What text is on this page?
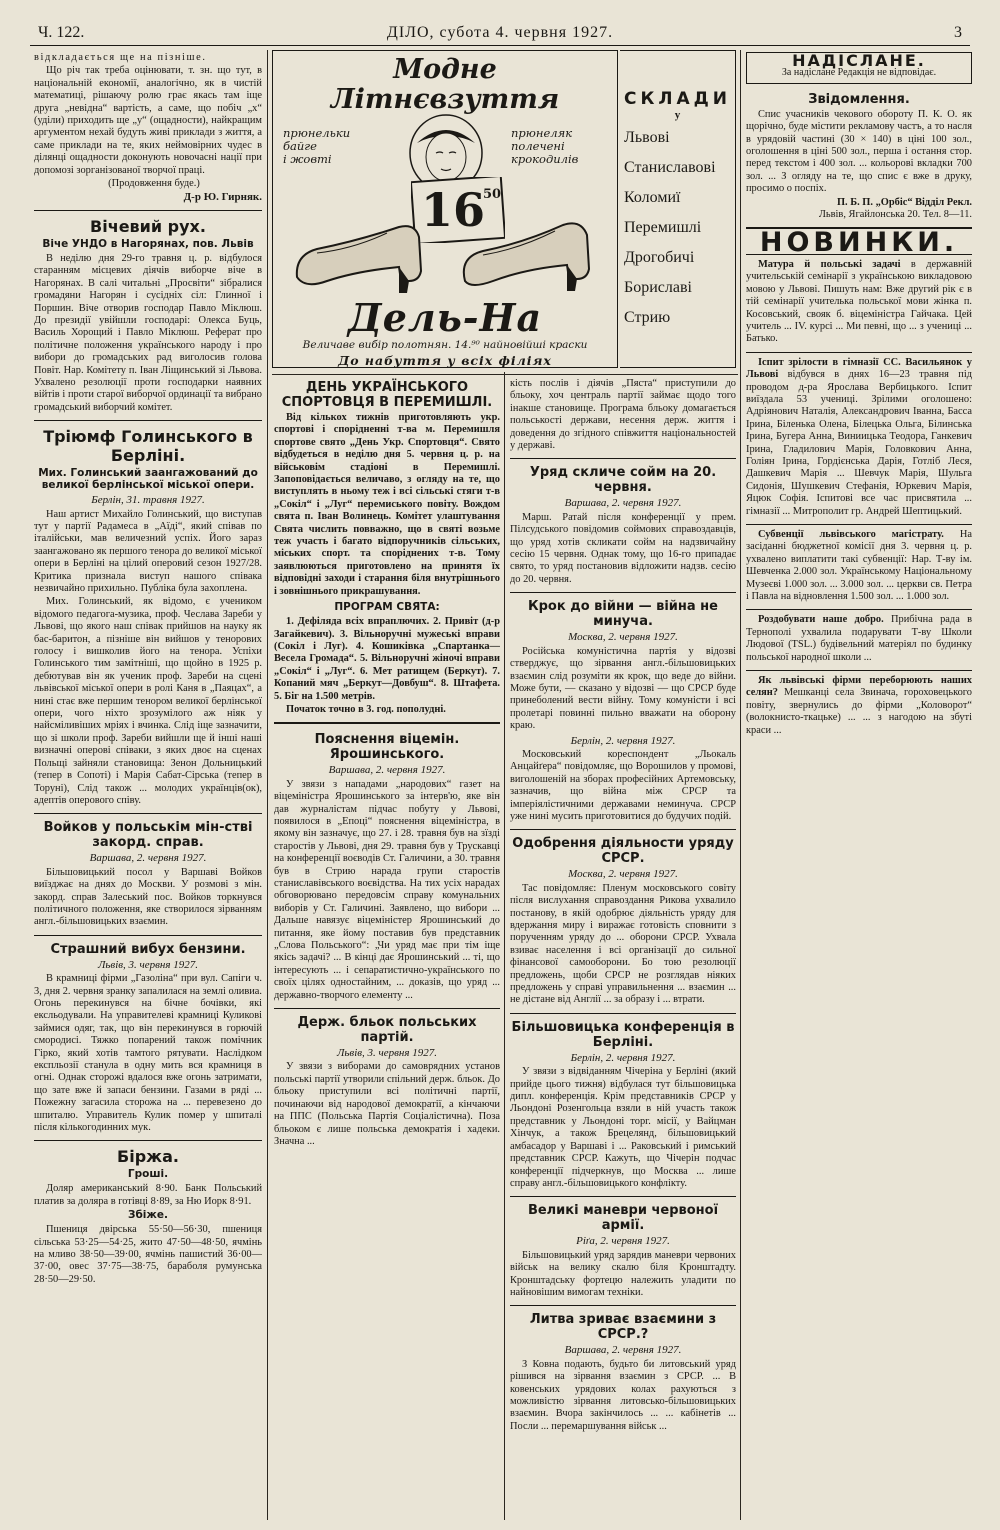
Ч. 122.	ДІЛО, субота 4. червня 1927.	3

відкладається ще на пізніше.

Що річ так треба оцінювати, т. зн. що тут, в національній економії, аналогічно, як в чистій математиці, рішаючу ролю грає якась там іще друга „невідна“ вартість, а саме, що побіч „х“ (уділи) приходить ще „у“ (ощадности), найкращим аргументом нехай будуть живі приклади з життя, а саме приклади на те, яких неймовірних чудес в ділянці ощадности доконують новочасні нації при допомозі зорганізованої творчої праці.

(Продовження буде.)

Д-р Ю. Гирняк.
Вічевий рух.
Віче УНДО в Нагорянах, пов. Львів

В неділю дня 29-го травня ц. р. відбулося старанням місцевих діячів виборче віче в Нагорянах. В салі читальні „Просвіти“ зібралися громадяни Нагорян і сусідніх сіл: Глинної і Поршин. Віче отворив господар Павло Міклюш. До президії увійшли господарі: Олекса Буць, Василь Хорощий і Павло Міклюш. Реферат про політичне положення українського народу і про вибори до громадських рад виголосив голова Повіт. Нар. Комітету п. Іван Ліщинський зі Львова. Ухвалено резолюції проти господарки наявних війтів і проти старої виборчої ординації та вибрано громадський виборчий комітет.

Тріюмф Голинського в Берліні.
Мих. Голинський заангажований до великої берлінської міської опери.
Берлін, 31. травня 1927.

Наш артист Михайло Голинський, що виступав тут у партії Радамеса в „Аїді“, який співав по італійськи, мав величезний успіх. Його зараз заангажовано як першого тенора до великої міської опери в Берліні на цілий оперовий сезон 1927/28. Критика признала виступ нашого співака незвичайно прихильно. Публіка була захоплена.

Мих. Голинський, як відомо, є учеником відомого педагога-музика, проф. Чеслава Зареби у Львові, що якого наш співак прийшов на науку як бас-баритон, а пізніше він вийшов у тенорових голосу і вишколив його на тенора. Успіхи Голинського тим замітніші, що щойно в 1925 р. дебютував він як ученик проф. Зареби на сцені львівської міської опери в ролі Каня в „Паяцах“, а нині стає вже першим тенором великої берлінської опери, чого ніхто зрозумілого аж ніяк у найсміливіших мріях і вчинка. Слід іще зазначити, що зі школи проф. Зареби вийшли ще й інші наші визначні оперові співаки, з яких двоє на сценах Польщі зайняли становища: Зенон Дольницький (тепер в Сопоті) і Марія Сабат-Сірська (тепер в Торуні), Слід також ... молодих українців(ок), адептів оперового співу.

Войков у польськім мін-стві закорд. справ.
Варшава, 2. червня 1927.

Більшовицький посол у Варшаві Войков виїзджає на днях до Москви. У розмові з мін. закорд. справ Залеський пос. Войков торкнувся політичного положення, яке створилося зірванням англ.-більшовицьких взаємин.

Страшний вибух бензини.
Львів, 3. червня 1927.

В крамниці фірми „Газоліна“ при вул. Сапіги ч. 3, дня 2. червня зранку запалилася на землі оливиа. Огонь перекинувся на бічне бочівки, які ексльодували. На управителеві крамниці Куликові займися одяг, так, що він перекинувся в горючій смородисі. Тяжко попарений також помічник Гірко, який хотів тамтого рятувати. Наслідком експльозії станула в одну мить вся крамниця в огні. Однак сторожі вдалося вже огонь затримати, що зате вже й запаси бензини. Газами в ряді ... Пожежну загасила сторожа на ... перевезено до шпиталю. Управитель Кулик помер у шпиталі після кількогодинних мук.

Біржа.
Гроші.

Доляр американський 8·90. Банк Польський платив за доляра в готівці 8·89, за Ню Иорк 8·91.

Збіже.

Пшениця двірська 55·50—56·30, пшениця сільська 53·25—54·25, жито 47·50—48·50, ячмінь на мливо 38·50—39·00, ячмінь пашистий 36·00—37·00, овес 37·75—38·75, бараболя румунська 28·50—29·50.

Модне
Літнєвзуття
прюнельки
байге
і жовті
прюнеляк
полечені
крокодилів
16
50
Дель-На
Величаве вибір полотнян. 14.⁹⁰ найновійші краски
До набуття у всіх філіях
СКЛАДИ
у
Львові
Станиславові
Коломиї
Перемишлі
Дрогобичі
Бориславі
Стрию
ДЕНЬ УКРАЇНСЬКОГО СПОРТОВЦЯ В ПЕРЕМИШЛІ.

Від кількох тижнів приготовляють укр. спортові і спорідненні т-ва м. Перемишля спортове свято „День Укр. Спортовця“. Свято відбудеться в неділю дня 5. червня ц. р. на військовім стадіоні в Перемишлі. Запоповідається величаво, з огляду на те, що виступлять в ньому теж і всі сільські стяги т-в „Сокіл“ і „Луг“ перемиського повіту. Вождом свята п. Іван Волинець. Комітет улаштування Свята числить повважно, що в святі возьме теж участь і багато відпоручників сільських, міських спорт. та споріднених т-в. Тому заявлюються приготовлено на принятя їх відповідні заходи і старання біля внутрішнього і зовнішнього прикрашування.

ПРОГРАМ СВЯТА:

1. Дефіляда всіх впраплючих. 2. Привіт (д-р Загайкевич). 3. Вільноручні мужеські вправи (Сокіл і Луг). 4. Кошиківка „Спартанка—Весела Громада“. 5. Вільноручні жіночі вправи „Сокіл“ і „Луг“. 6. Мет ратищем (Беркут). 7. Копаний мяч „Беркут—Довбуш“. 8. Штафета. 5. Біг на 1.500 метрів.

Початок точно в 3. год. пополудні.

Пояснення віцемін. Ярошинського.
Варшава, 2. червня 1927.

У звязи з нападами „народових“ газет на віцеміністра Ярошинського за інтерв'ю, яке він дав журналістам підчас побуту у Львові, появилося в „Епоці“ пояснення віцеміністра, в якому він зазначує, що 27. і 28. травня був на зїзді старостів у Львові, дня 29. травня був у Трускавці на конференції воєводів Ст. Галичини, а 30. травня був в Стрию нарада групи старостів станиславівського воєвідства. На тих усіх нарадах обговорювано передовсім справу комунальних виборів у Ст. Галичині. Заявлено, що вибори ... Дальше навязує віцеміністер Ярошинський до питання, яке йому поставив був представник „Слова Польського“: „Чи уряд має при тім іще якісь задачі? ... В кінці дає Ярошинський ... ті, що інтересують ... і сепаратистично-українського по своїх цілях одностайним, ... доказів, що уряд ... державно-творчого елементу ...

Держ. бльок польських партій.
Львів, 3. червня 1927.

У звязи з виборами до самоврядних установ польські партії утворили спільний держ. бльок. До бльоку приступили всі політичні партії, починаючи від народової демократії, а кінчаючи на ППС (Польська Партія Соціалістична). Поза бльоком є лише польська демократія і хадеки. Значна ...

кість послів і діячів „Пяста“ приступили до бльоку, хоч централь партії займає щодо того інакше становище. Програма бльоку домагається польськості держави, несення держ. життя і доведення до згідного співжиття національностей у державі.

Уряд скличе сойм на 20. червня.
Варшава, 2. червня 1927.

Марш. Ратай після конференції у прем. Пілсудського повідомив соймових справоздавців, що уряд хотів скликати сойм на надзвичайну сесію 15 червня. Однак тому, що 16-го припадає свято, то уряд постановив відложити надзв. сесію до 20. червня.

Крок до війни — війна не минуча.
Москва, 2. червня 1927.

Російська комуністична партія у відозві стверджує, що зірвання англ.-більшовицьких взаємин слід розуміти як крок, що веде до війни. Може бути, — сказано у відозві — що СРСР буде принеболений вести війну. Тому комуністи і всі пролетарі повинні пильно вважати на оборону краю.

Берлін, 2. червня 1927.

Московський кореспондент „Льокаль Анцайґера“ повідомляє, що Ворошилов у промові, виголошеній на зборах професійних Артемовську, зазначив, що війна між СРСР та імперіялістичними державами неминуча. СРСР уже нині мусить приготовитися до будучих подій.

Одобрення діяльности уряду СРСР.
Москва, 2. червня 1927.

Тас повідомляє: Пленум московського совіту після вислухання справоздання Рикова ухвалило постанову, в якій одобрює діяльність уряду для вдержання миру і виражає готовість сповнити з порученням уряду до ... оборони СРСР. Ухвала взиває населення і всі організації до сильної фінансової самооборони. Бо тою резолюції предложень, щоби СРСР не розглядав ніяких предложень у справі управильнення ... взаємин ... не дістане від Англії ... за образу і ... втрати.

Більшовицька конференція в Берліні.
Берлін, 2. червня 1927.

У звязи з відвіданням Чічеріна у Берліні (який прийде цього тижня) відбулася тут більшовицька дипл. конференція. Крім представників СРСР у Льондоні Розенгольца взяли в ній участь також представник у Льондоні торг. місії, у Вайцман Хінчук, а також Брецелянд, більшовицький амбасадор у Варшаві і ... Раковський і римський представник СРСР. Кажуть, що Чічерін подчас конференції підчеркнув, що Москва ... лише справу англ.-більшовицького конфлікту.

Великі маневри червоної армії.
Ріґа, 2. червня 1927.

Більшовицький уряд зарядив маневри червоних військ на велику скалю біля Кронштадту. Кронштадську фортецю належить уладити по найновішим вимогам техніки.

Литва зриває взаємини з СРСР.?
Варшава, 2. червня 1927.

З Ковна подають, будьто би литовський уряд рішився на зірвання взаємин з СРСР. ... В ковенських урядових колах рахуються з можливістю зірвання литовсько-більшовицьких взаємин. Вчора закінчилось ... ... кабінетів ... Посли ... перемаршування військ ...

НАДІСЛАНЕ.
За надіслане Редакція не відповідає.
Звідомлення.

Спис учасників чекового обороту П. К. О. як щорічно, буде містити рекламову частъ, а то насля в урядовій частині (30 × 140) в ціні 100 зол., оголошення в ціні 500 зол., перша і остання стор. перед текстом і 400 зол. ... кольорові вкладки 700 зол. ... З огляду на те, що спис є вже в друку, просимо о поспіх.

П. Б. П. „Орбіс“ Відділ Рекл.
Львів, Ягайлонська 20. Тел. 8—11.
НОВИНКИ.

Матура й польські задачі в державній учительській семінарії з українською викладовою мовою у Львові. Пишуть нам: Вже другий рік є в тій семінарії учителька польської мови жінка п. Косовський, свояк б. віцеміністра Гайчака. Цей учитель ... ІV. курсі ... Ми певні, що ... з учениці ... Батько.

Іспит зрілости в гімназії СС. Васильянок у Львові відбувся в днях 16—23 травня під проводом д-ра Ярослава Вербицького. Іспит виїздала 53 учениці. Зрілими оголошено: Адріянович Наталія, Александрович Іванна, Басса Ірина, Біленька Олена, Білецька Ольга, Білинська Ірина, Бугера Анна, Виниицька Теодора, Ганкевич Ірина, Гладилович Марія, Головкович Анна, Голіян Ірина, Гордієнська Дарія, Готліб Леся, Дашкевич Марія ... Шевчук Марія, Шульга Сидонія, Шушкевич Стефанія, Юркевич Марія, Яцюк Софія. Іспитові все час присвятила ... гімназії ... Митрополит гр. Андрей Шептицький.

Субвенції львівського магістрату. На засіданні бюджетної комісії дня 3. червня ц. р. ухвалено виплатити такі субвенції: Нар. Т-ву ім. Шевченка 2.000 зол. Українському Національному Музеєві 1.000 зол. ... 3.000 зол. ... церкви св. Петра і Павла на відновлення 1.500 зол. ... 1.000 зол.

Роздобувати наше добро. Прибічна рада в Тернополі ухвалила подарувати Т-ву Школи Людової (ТSL.) будівельний матеріял по будинку польської народної школи ...

Як львівські фірми переборюють наших селян? Мешканці села Звинача, гороховецького повіту, звернулись до фірми „Коловорот“ (волокнисто-ткацьке) ... ... з нагодою на збуті краси ...
